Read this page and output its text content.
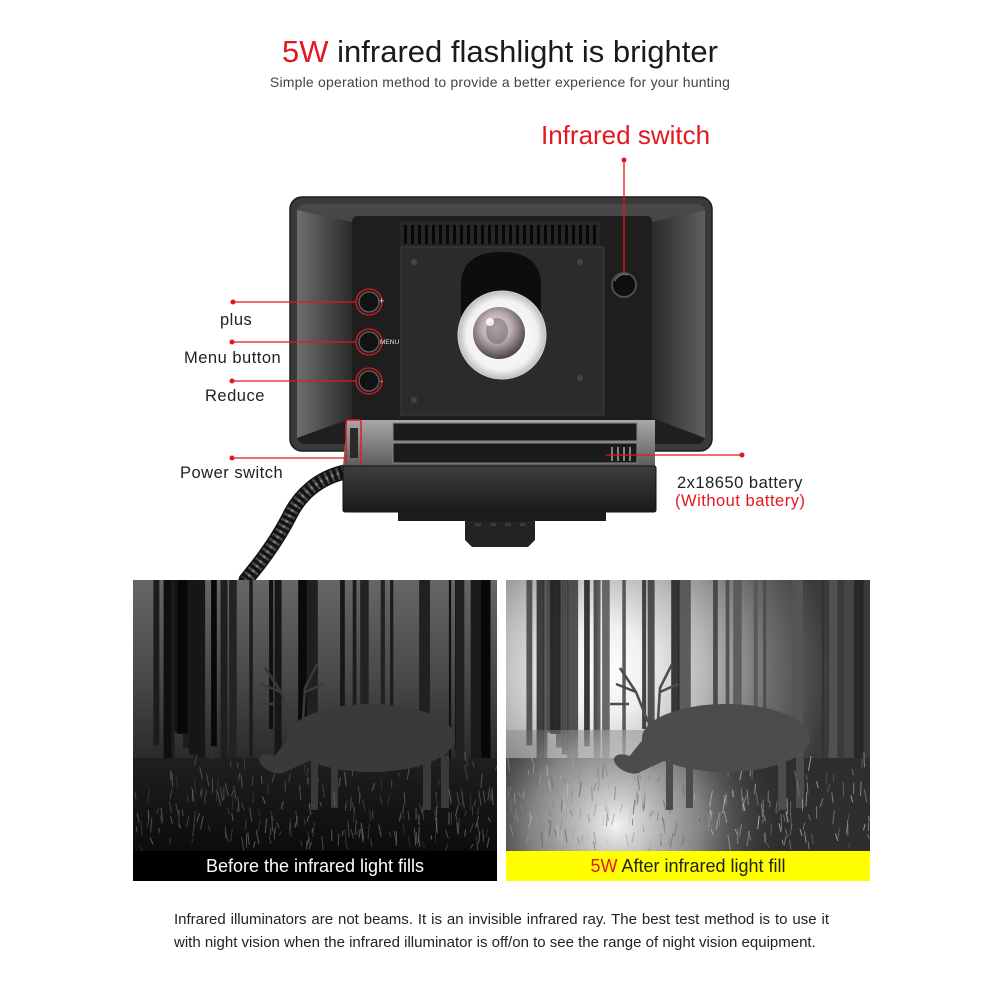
+
MENU
-
5W infrared flashlight is brighter
Simple operation method to provide a better experience for your hunting
Infrared switch
plus
Menu button
Reduce
Power switch
2x18650 battery
(Without battery)
Before the infrared light fills	5W After infrared light fill

Infrared illuminators are not beams. It is an invisible infrared ray. The best test method is to use it with night vision when the infrared illuminator is off/on to see the range of night vision equipment.
